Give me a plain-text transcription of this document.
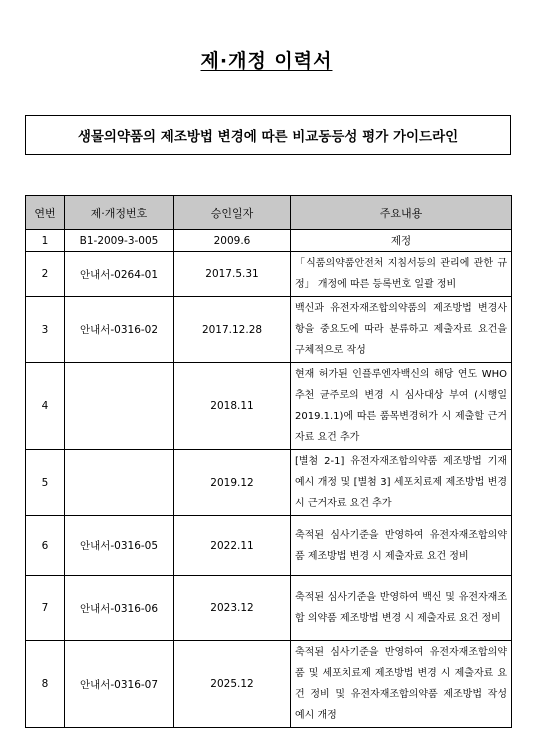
제·개정 이력서
생물의약품의 제조방법 변경에 따른 비교동등성 평가 가이드라인
연번	제·개정번호	승인일자	주요내용
1	B1-2009-3-005	2009.6	제정
2	안내서-0264-01	2017.5.31	「식품의약품안전처 지침서등의 관리에 관한 규정」 개정에 따른 등록번호 일괄 정비
3	안내서-0316-02	2017.12.28	백신과 유전자재조합의약품의 제조방법 변경사항을 중요도에 따라 분류하고 제출자료 요건을 구체적으로 작성
4		2018.11	현재 허가된 인플루엔자백신의 해당 연도 WHO 추천 균주로의 변경 시 심사대상 부여 (시행일 2019.1.1)에 따른 품목변경허가 시 제출할 근거자료 요건 추가
5		2019.12	[별첨 2-1] 유전자재조합의약품 제조방법 기재 예시 개정 및 [별첨 3] 세포치료제 제조방법 변경 시 근거자료 요건 추가
6	안내서-0316-05	2022.11	축적된 심사기준을 반영하여 유전자재조합의약품 제조방법 변경 시 제출자료 요건 정비
7	안내서-0316-06	2023.12	축적된 심사기준을 반영하여 백신 및 유전자재조합 의약품 제조방법 변경 시 제출자료 요건 정비
8	안내서-0316-07	2025.12	축적된 심사기준을 반영하여 유전자재조합의약품 및 세포치료제 제조방법 변경 시 제출자료 요건 정비 및 유전자재조합의약품 제조방법 작성 예시 개정
